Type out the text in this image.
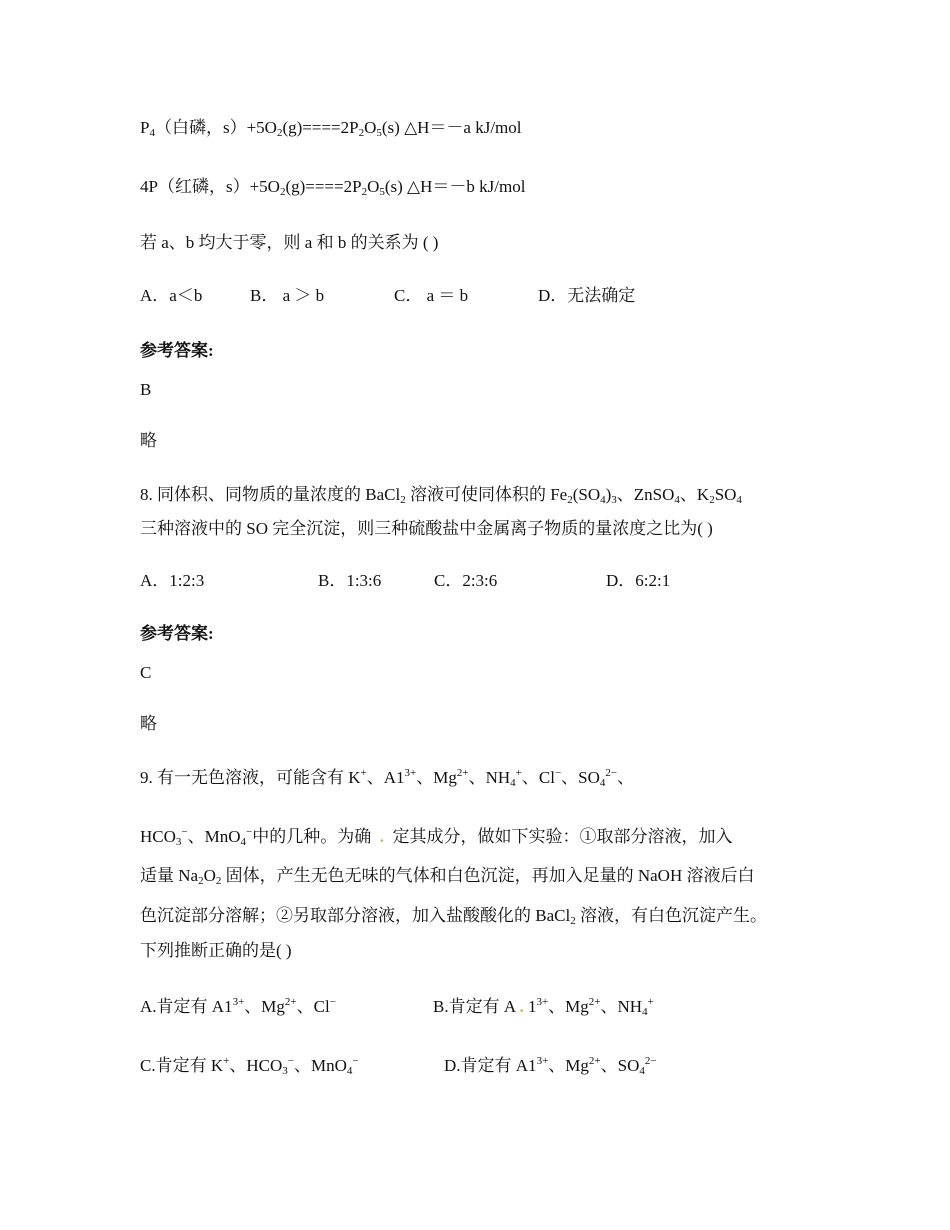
$P_4$（白磷，$s)+5O_2(g)====2P_2O_5(s)$ △H＝－a kJ/mol
4P（红磷，$s)+5O_2(g)====2P_2O_5(s)$ △H＝－b kJ/mol
若 a、b 均大于零，则 a 和 b 的关系为 ( )
A．a＜b	B． a ＞ b	C． a ＝ b	D．无法确定
参考答案:
B
略
8. 同体积、同物质的量浓度的 BaCl$_2$ 溶液可使同体积的 $Fe_2(SO_4)_3$、ZnSO$_4$、$K_2SO_4$
三种溶液中的 SO 完全沉淀，则三种硫酸盐中金属离子物质的量浓度之比为( )
A．1:2:3	B．1:3:6	C．2:3:6	D．6:2:1
参考答案:
C
略
9. 有一无色溶液，可能含有 K+、$A1^{3+}$、$Mg^{2+}$、$NH_4^+$、Cl−、$SO_4^{2-}$、
$HCO_3^-$、MnO$_4$−中的几种。为确  .  定其成分，做如下实验：①取部分溶液，加入
适量 $Na_2O_2$ 固体，产生无色无味的气体和白色沉淀，再加入足量的 NaOH 溶液后白
色沉淀部分溶解；②另取部分溶液，加入盐酸酸化的 BaCl$_2$ 溶液，有白色沉淀产生。
下列推断正确的是( )
A.肯定有 $A1^{3+}$、$Mg^{2+}$、Cl−	B.肯定有 A . $1^{3+}$、$Mg^{2+}$、$NH_4^+$
C.肯定有 K+、$HCO_3^-$、MnO$_4$−	D.肯定有 $A1^{3+}$、$Mg^{2+}$、$SO_4^{2-}$
